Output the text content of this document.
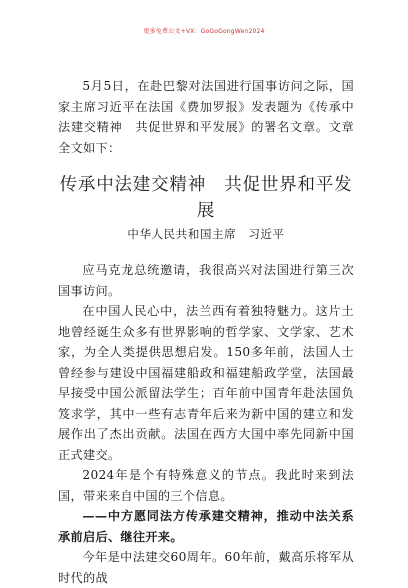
更多免费公文+VX：GoGoGongWen2024

5月5日，在赴巴黎对法国进行国事访问之际，国家主席习近平在法国《费加罗报》发表题为《传承中法建交精神　共促世界和平发展》的署名文章。文章全文如下：

传承中法建交精神　共促世界和平发展

中华人民共和国主席　习近平

应马克龙总统邀请，我很高兴对法国进行第三次国事访问。

在中国人民心中，法兰西有着独特魅力。这片土地曾经诞生众多有世界影响的哲学家、文学家、艺术家，为全人类提供思想启发。150多年前，法国人士曾经参与建设中国福建船政和福建船政学堂，法国最早接受中国公派留法学生；百年前中国青年赴法国负笈求学，其中一些有志青年后来为新中国的建立和发展作出了杰出贡献。法国在西方大国中率先同新中国正式建交。

2024年是个有特殊意义的节点。我此时来到法国，带来来自中国的三个信息。

——中方愿同法方传承建交精神，推动中法关系承前启后、继往开来。

今年是中法建交60周年。60年前，戴高乐将军从时代的战
